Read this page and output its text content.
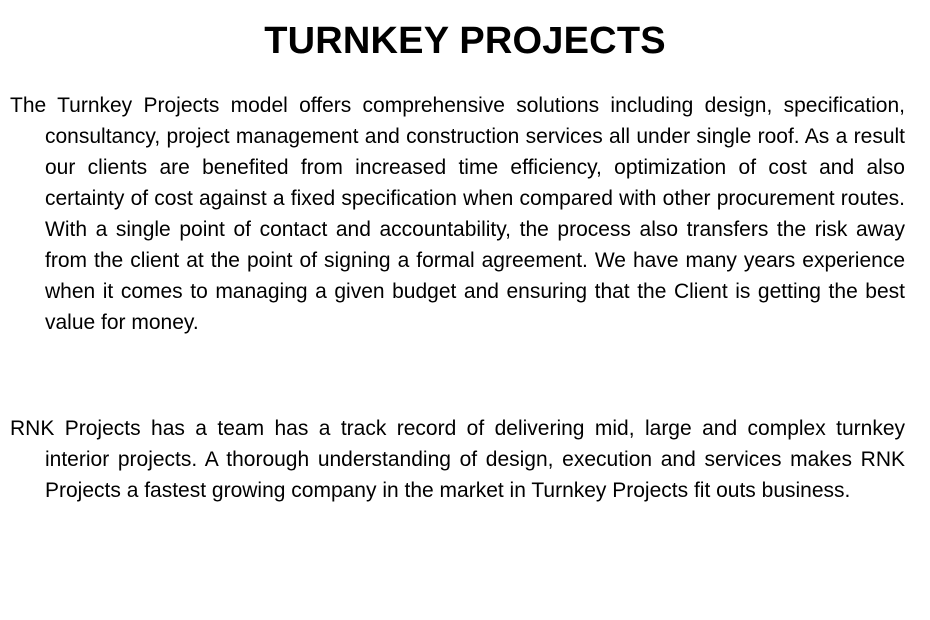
TURNKEY PROJECTS

The Turnkey Projects model offers comprehensive solutions including design, specification, consultancy, project management and construction services all under single roof. As a result our clients are benefited from increased time efficiency, optimization of cost and also certainty of cost against a fixed specification when compared with other procurement routes. With a single point of contact and accountability, the process also transfers the risk away from the client at the point of signing a formal agreement. We have many years experience when it comes to managing a given budget and ensuring that the Client is getting the best value for money.

RNK Projects has a team has a track record of delivering mid, large and complex turnkey interior projects. A thorough understanding of design, execution and services makes RNK Projects a fastest growing company in the market in Turnkey Projects fit outs business.
